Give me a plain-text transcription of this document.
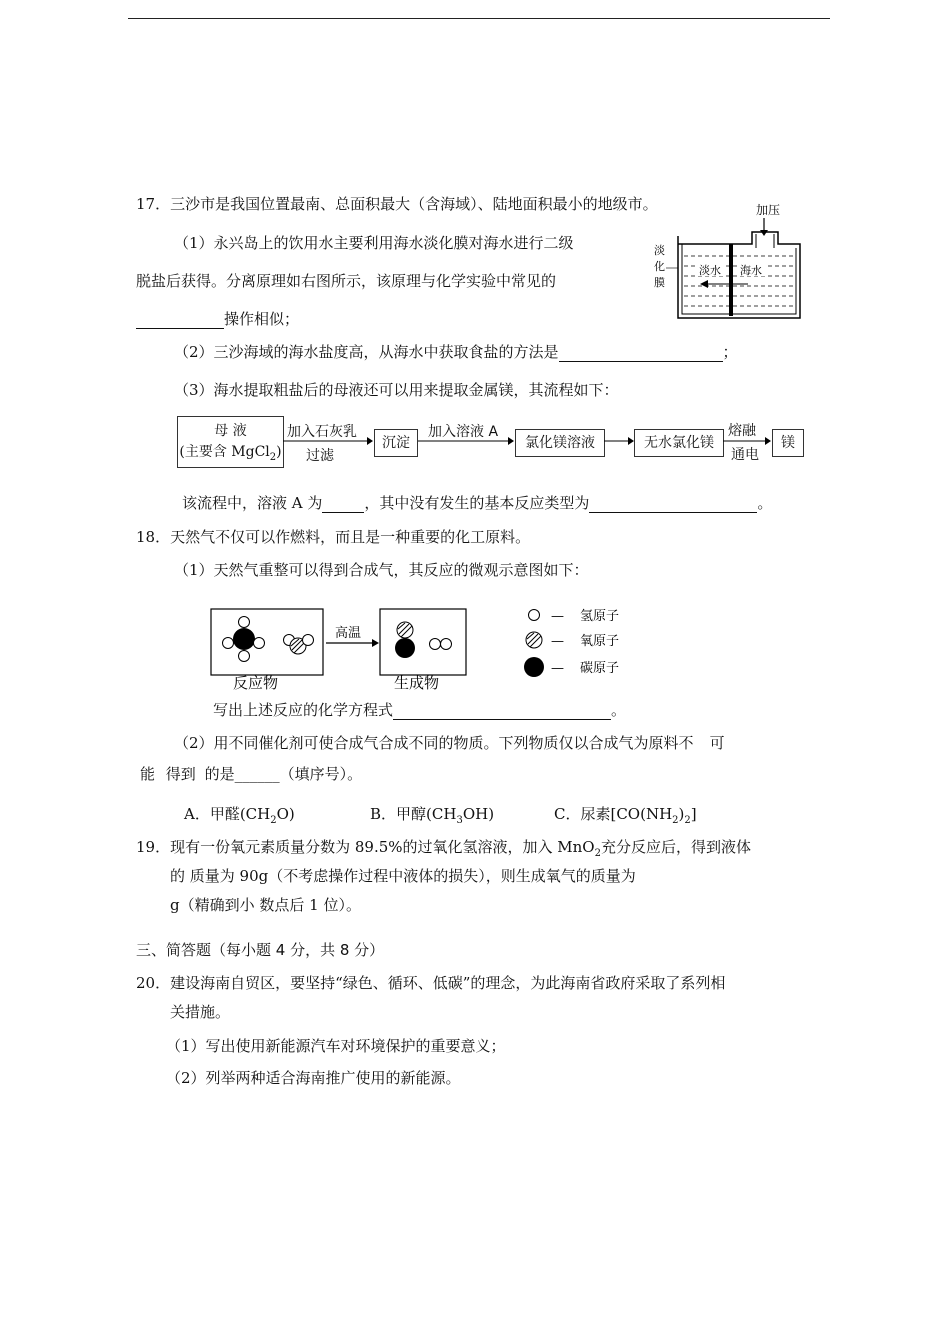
17．三沙市是我国位置最南、总面积最大（含海域）、陆地面积最小的地级市。
（1）永兴岛上的饮用水主要利用海水淡化膜对海水进行二级
脱盐后获得。分离原理如右图所示，该原理与化学实验中常见的
操作相似；
加压
淡水 海水
淡
化
膜
（2）三沙海域的海水盐度高，从海水中获取食盐的方法是	；
（3）海水提取粗盐后的母液还可以用来提取金属镁，其流程如下：
母 液
(主要含 MgCl$_2$)
加入石灰乳
过滤
沉淀
加入溶液 A
氯化镁溶液	无水氯化镁
熔融
通电
镁
该流程中，溶液 A 为	，其中没有发生的基本反应类型为	。
18．天然气不仅可以作燃料，而且是一种重要的化工原料。
（1）天然气重整可以得到合成气，其反应的微观示意图如下：
高温
反应物	生成物
— 氢原子
— 氧原子
— 碳原子
写出上述反应的化学方程式	。
（2）用不同催化剂可使合成气合成不同的物质。下列物质仅以合成气为原料不 可
能 得到 的是______（填序号）。
A．甲醛$(CH_2O)$	B．甲醇$(CH_3OH)$	C．尿素$[CO(NH_2)_2]$
19．现有一份氧元素质量分数为 89.5%的过氧化氢溶液，加入 MnO$_2$充分反应后，得到液体
的 质量为 90g（不考虑操作过程中液体的损失），则生成氧气的质量为
g（精确到小 数点后 1 位）。
三、简答题（每小题 4 分，共 8 分）
20．建设海南自贸区，要坚持“绿色、循环、低碳”的理念，为此海南省政府采取了系列相
关措施。
（1）写出使用新能源汽车对环境保护的重要意义；
（2）列举两种适合海南推广使用的新能源。
